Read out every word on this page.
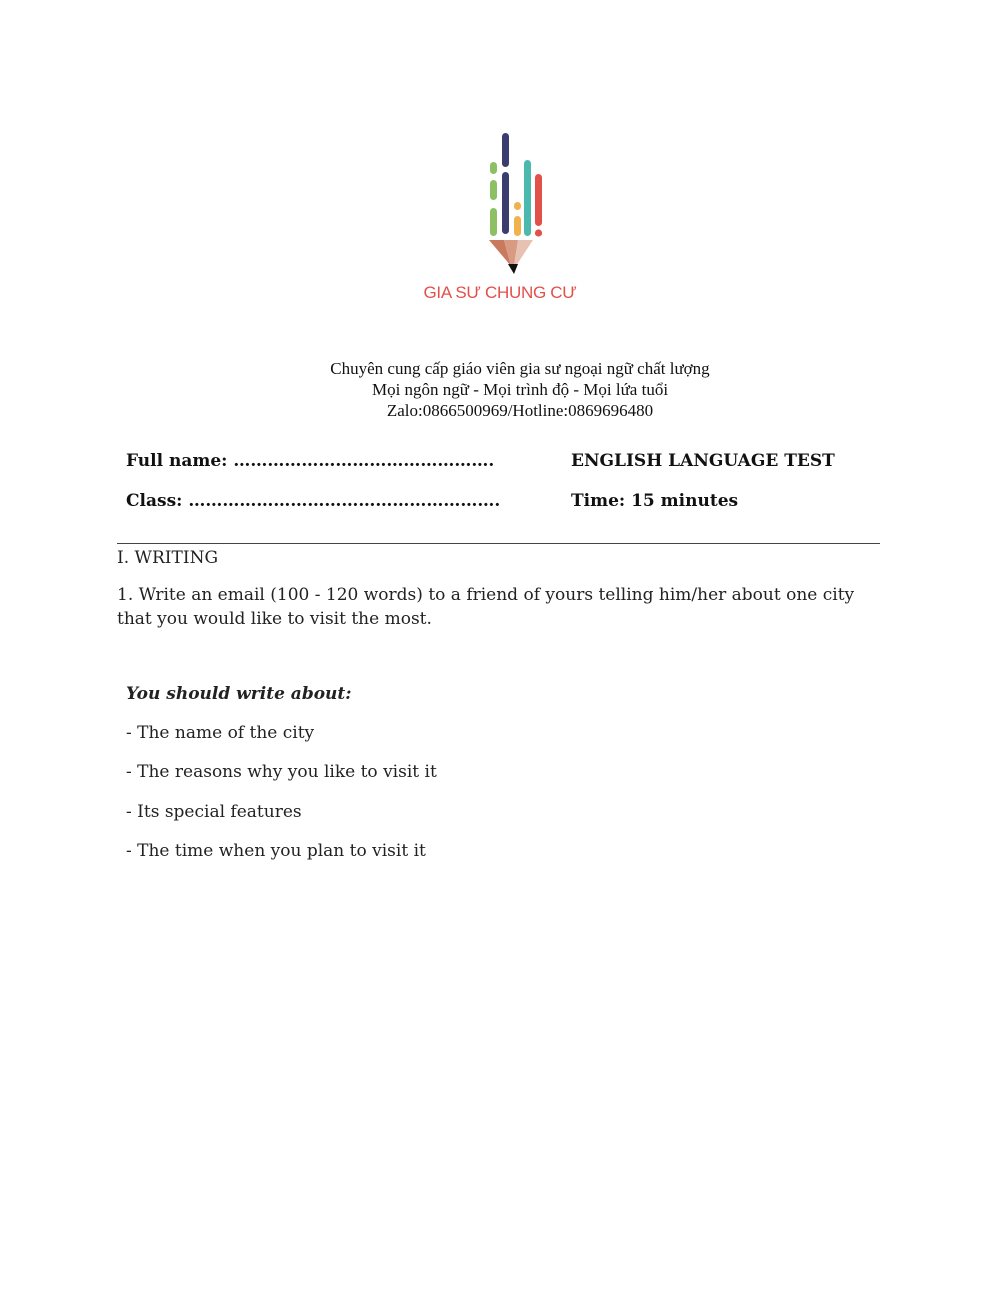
GIA SƯ CHUNG CƯ
Chuyên cung cấp giáo viên gia sư ngoại ngữ chất lượng
Mọi ngôn ngữ - Mọi trình độ - Mọi lứa tuổi
Zalo:0866500969/Hotline:0869696480
Full name: ……………………………………….
Class: ……………………………………………….
ENGLISH LANGUAGE TEST
Time: 15 minutes
I. WRITING
1. Write an email (100 - 120 words) to a friend of yours telling him/her about one city that you would like to visit the most.
You should write about:
- The name of the city
- The reasons why you like to visit it
- Its special features
- The time when you plan to visit it
